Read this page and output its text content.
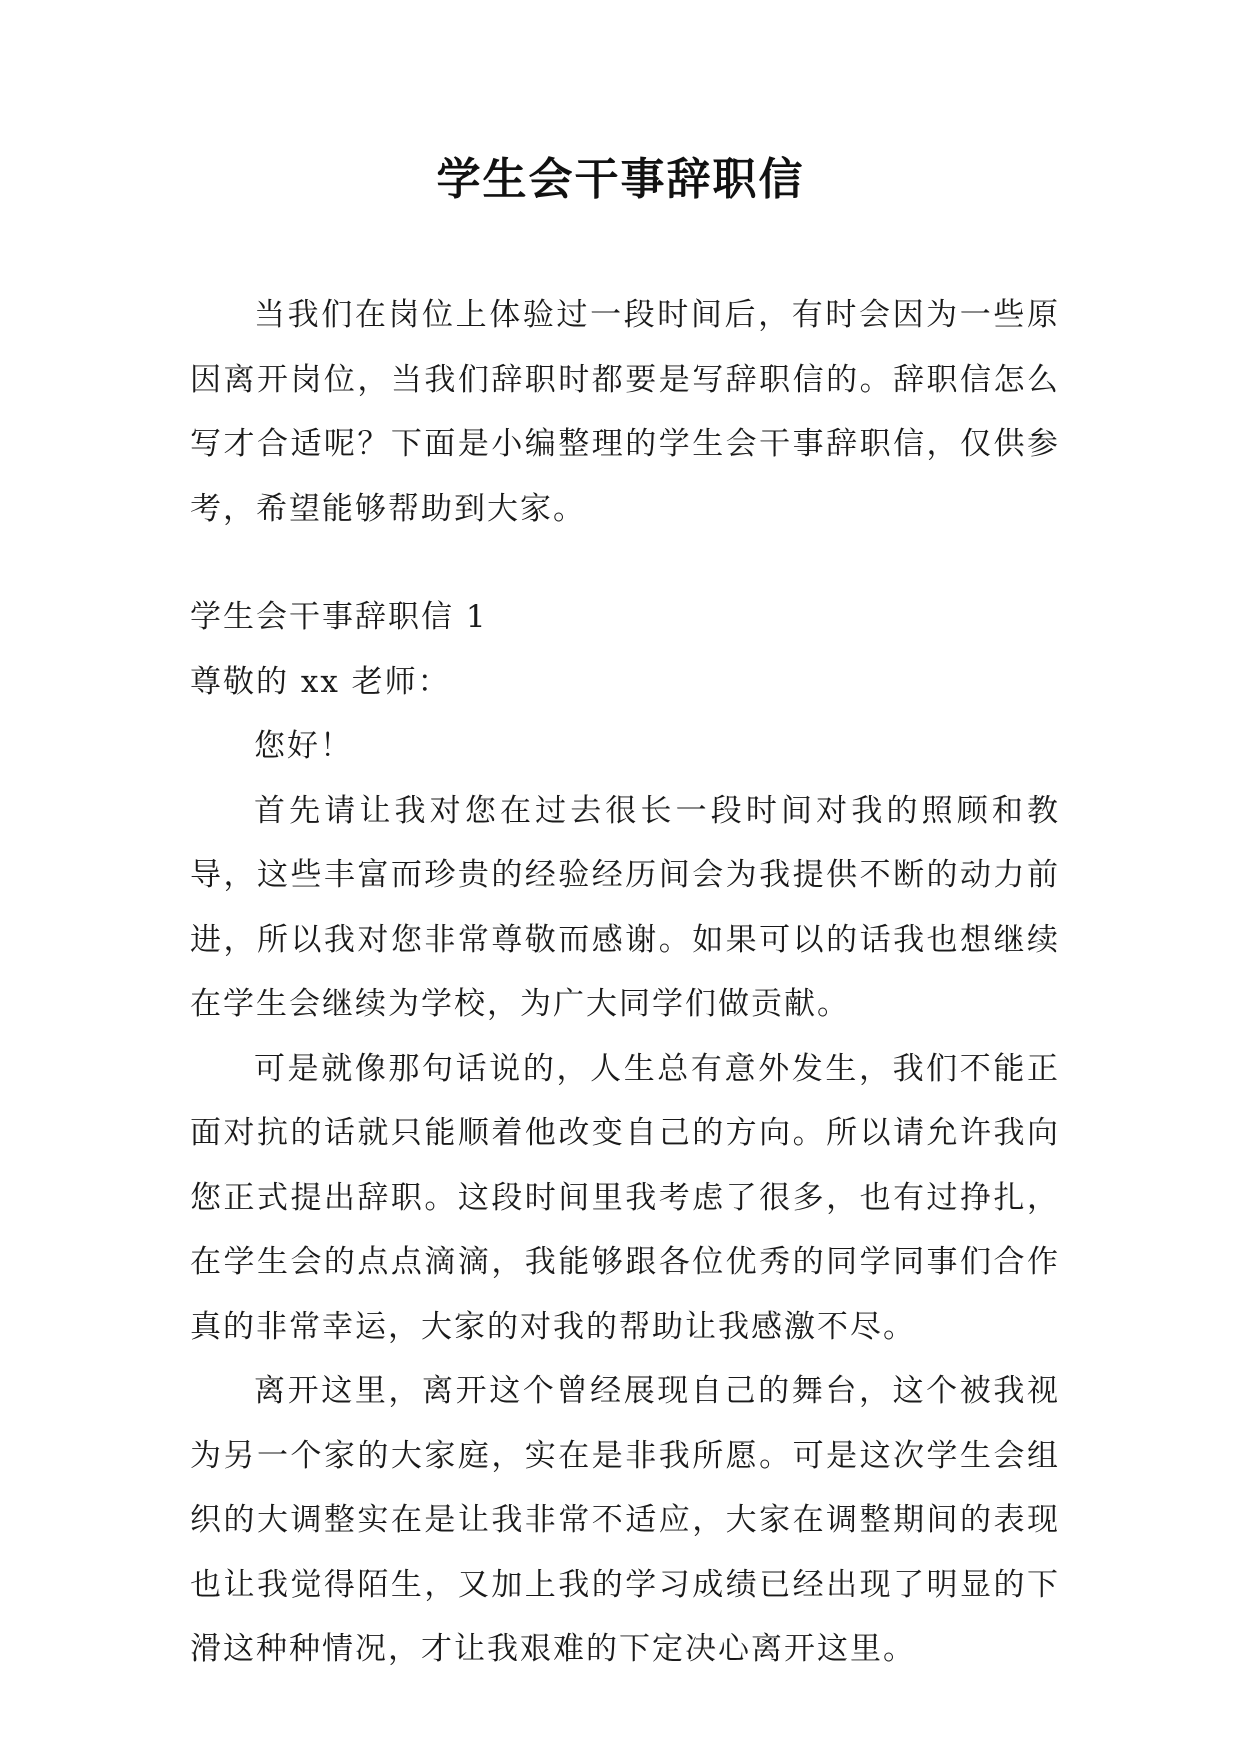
学生会干事辞职信

当我们在岗位上体验过一段时间后，有时会因为一些原因离开岗位，当我们辞职时都要是写辞职信的。辞职信怎么写才合适呢？下面是小编整理的学生会干事辞职信，仅供参考，希望能够帮助到大家。

学生会干事辞职信 1

尊敬的 xx 老师：

您好！

首先请让我对您在过去很长一段时间对我的照顾和教导，这些丰富而珍贵的经验经历间会为我提供不断的动力前进，所以我对您非常尊敬而感谢。如果可以的话我也想继续在学生会继续为学校，为广大同学们做贡献。

可是就像那句话说的，人生总有意外发生，我们不能正面对抗的话就只能顺着他改变自己的方向。所以请允许我向您正式提出辞职。这段时间里我考虑了很多，也有过挣扎，在学生会的点点滴滴，我能够跟各位优秀的同学同事们合作真的非常幸运，大家的对我的帮助让我感激不尽。

离开这里，离开这个曾经展现自己的舞台，这个被我视为另一个家的大家庭，实在是非我所愿。可是这次学生会组织的大调整实在是让我非常不适应，大家在调整期间的表现也让我觉得陌生，又加上我的学习成绩已经出现了明显的下滑这种种情况，才让我艰难的下定决心离开这里。
